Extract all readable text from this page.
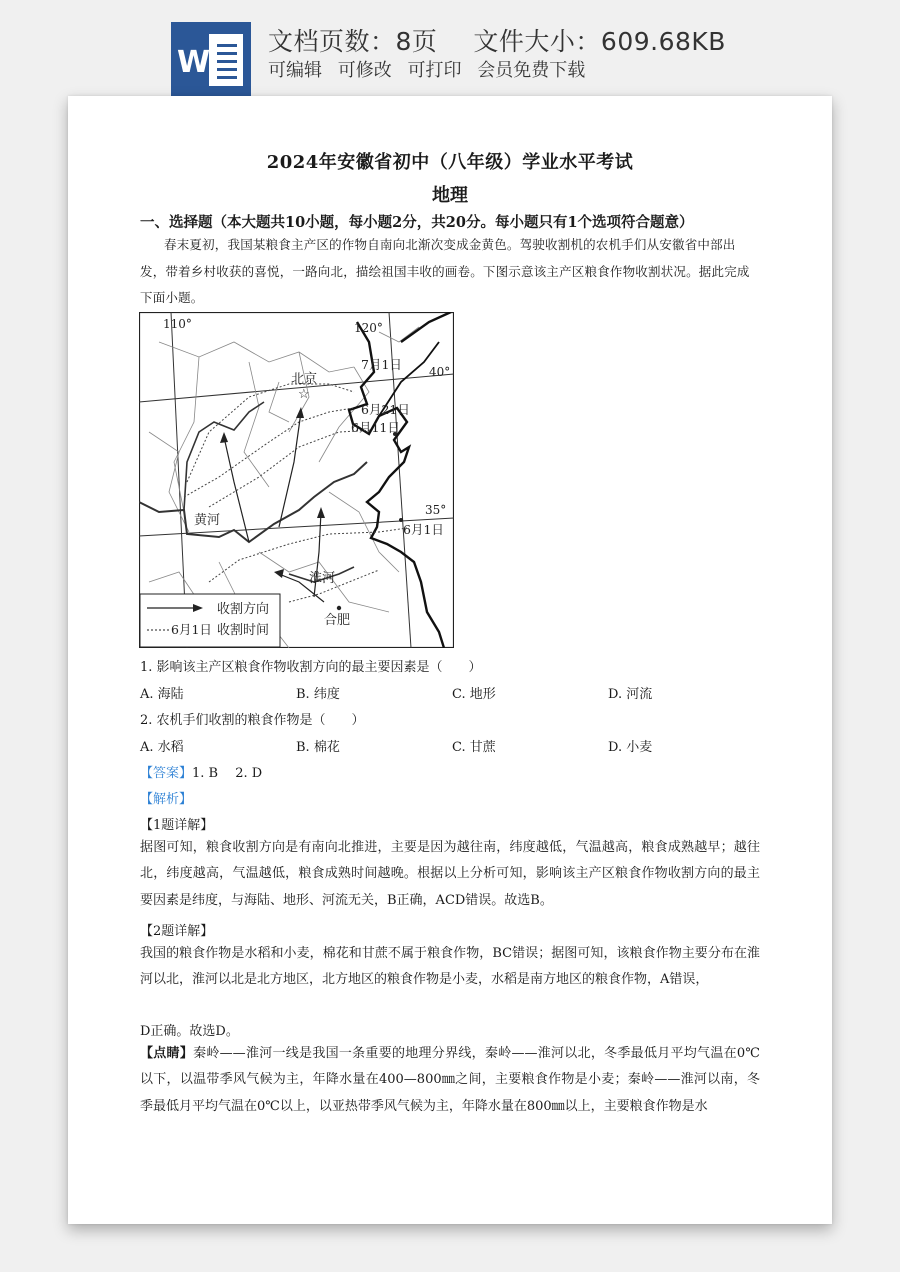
W
文档页数：8页 文件大小：609.68KB
可编辑 可修改 可打印 会员免费下载
2024年安徽省初中（八年级）学业水平考试
地理
一、选择题（本大题共10小题，每小题2分，共20分。每小题只有1个选项符合题意）
春末夏初，我国某粮食主产区的作物自南向北渐次变成金黄色。驾驶收割机的农机手们从安徽省中部出发，带着乡村收获的喜悦，一路向北，描绘祖国丰收的画卷。下图示意该主产区粮食作物收割状况。据此完成下面小题。
☆
110°	120°
40°
35°
北京
7月1日
6月21日
6月11日
6月1日
黄河
淮河
合肥
收割方向
6月1日 收割时间
1. 影响该主产区粮食作物收割方向的最主要因素是（　　）
A. 海陆	B. 纬度	C. 地形	D. 河流
2. 农机手们收割的粮食作物是（　　）
A. 水稻	B. 棉花	C. 甘蔗	D. 小麦
【答案】1. B　 2. D
【解析】
【1题详解】
据图可知，粮食收割方向是有南向北推进，主要是因为越往南，纬度越低，气温越高，粮食成熟越早；越往北，纬度越高，气温越低，粮食成熟时间越晚。根据以上分析可知，影响该主产区粮食作物收割方向的最主要因素是纬度，与海陆、地形、河流无关，B正确，ACD错误。故选B。
【2题详解】
我国的粮食作物是水稻和小麦，棉花和甘蔗不属于粮食作物，BC错误；据图可知，该粮食作物主要分布在淮河以北，淮河以北是北方地区，北方地区的粮食作物是小麦，水稻是南方地区的粮食作物，A错误，
D正确。故选D。
【点睛】秦岭——淮河一线是我国一条重要的地理分界线，秦岭——淮河以北，冬季最低月平均气温在0℃以下，以温带季风气候为主，年降水量在400—800㎜之间，主要粮食作物是小麦；秦岭——淮河以南，冬季最低月平均气温在0℃以上，以亚热带季风气候为主，年降水量在800㎜以上，主要粮食作物是水
